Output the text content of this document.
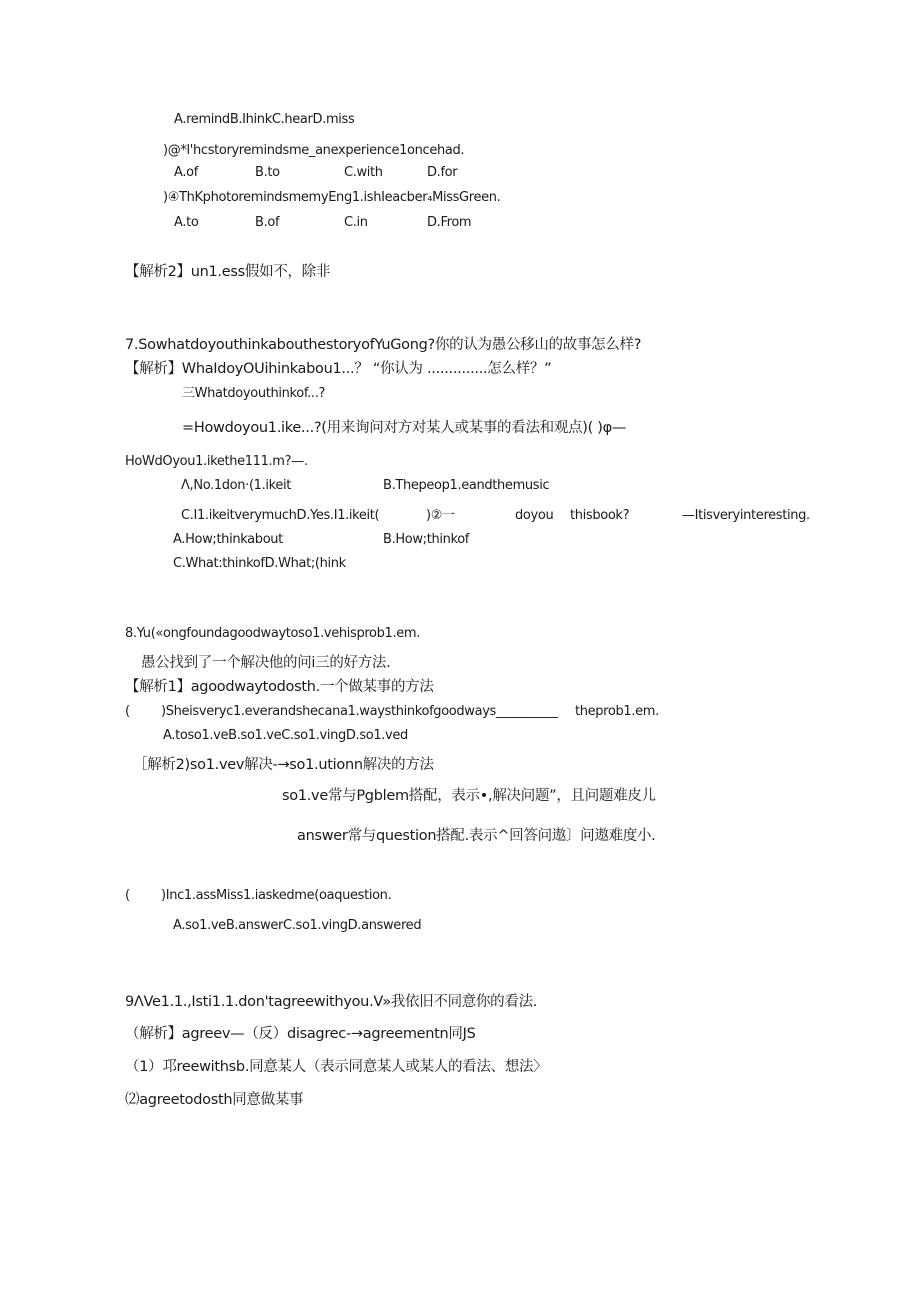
A.remindB.IhinkC.hearD.miss
)@*l'hcstoryremindsme_anexperience1oncehad.
A.of	B.to	C.with	D.for
)④ThKphotoremindsmemyEng1.ishIeacber₄MissGreen.
A.to	B.of	C.in	D.From
【解析2】un1.ess假如不，除非
7.SowhatdoyouthinkabouthestoryofYuGong?你的认为愚公移山的故事怎么样?
【解析】WhaIdoyOUihinkabou1...？ “你认为 ..............怎么样？”
三Whatdoyouthinkof...?
=Howdoyou1.ike...?(用来询问对方对某人或某事的看法和观点)( )φ—
HoWdOyou1.ikethe111.m?—.
Λ,No.1don·(1.ikeit	B.Thepeop1.eandthemusic
C.I1.ikeitverymuchD.Yes.I1.ikeit(	)②一	doyou thisbook?	—Itisveryinteresting.
A.How;thinkabout	B.How;thinkof
C.What:thinkofD.What;(hink
8.Yu(«ongfoundagoodwaytoso1.vehisprob1.em.
愚公找到了一个解决他的问i三的好方法.
【解析1】agoodwaytodosth.一个做某事的方法
( )Sheisveryc1.everandshecana1.waysthinkofgoodways __________ theprob1.em.
A.toso1.veB.so1.veC.so1.vingD.so1.ved
［解析2)so1.vev解决-→so1.utionn解决的方法
so1.ve常与Pgblem搭配，表示•,解决问题”，且问题难皮儿
answer常与question搭配.表示^回答问遨〕问遨难度小.
( )Inc1.assMiss1.iaskedme(oaquestion.
A.so1.veB.answerC.so1.vingD.answered
9ΛVe1.1.,Isti1.1.don'tagreewithyou.V»我依旧不同意你的看法.
（解析】agreev—（反）disagrec-→agreementn同JS
（1）邛reewithsb.同意某人（表示同意某人或某人的看法、想法〉
⑵agreetodosth同意做某事
